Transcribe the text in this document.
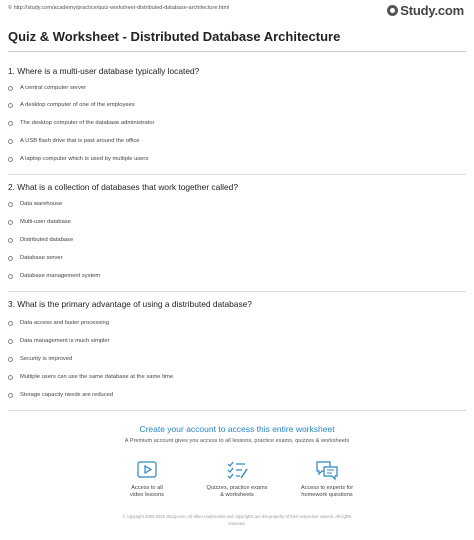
© http://study.com/academy/practice/quiz-worksheet-distributed-database-architecture.html	Study.com
Quiz & Worksheet - Distributed Database Architecture
1. Where is a multi-user database typically located?
A central computer server
A desktop computer of one of the employees
The desktop computer of the database administrator
A USB flash drive that is past around the office
A laptop computer which is used by multiple users
2. What is a collection of databases that work together called?
Data warehouse
Multi-user database
Distributed database
Database server
Database management system
3. What is the primary advantage of using a distributed database?
Data access and faster processing
Data management is much simpler
Security is improved
Multiple users can use the same database at the same time
Storage capacity needs are reduced
Create your account to access this entire worksheet
A Premium account gives you access to all lessons, practice exams, quizzes & worksheets
Access to all
video lessons
Quizzes, practice exams
& worksheets
Access to experts for
homework questions
© copyright 2003-2020 Study.com. All other trademarks and copyrights are the property of their respective owners. All rights
reserved.
